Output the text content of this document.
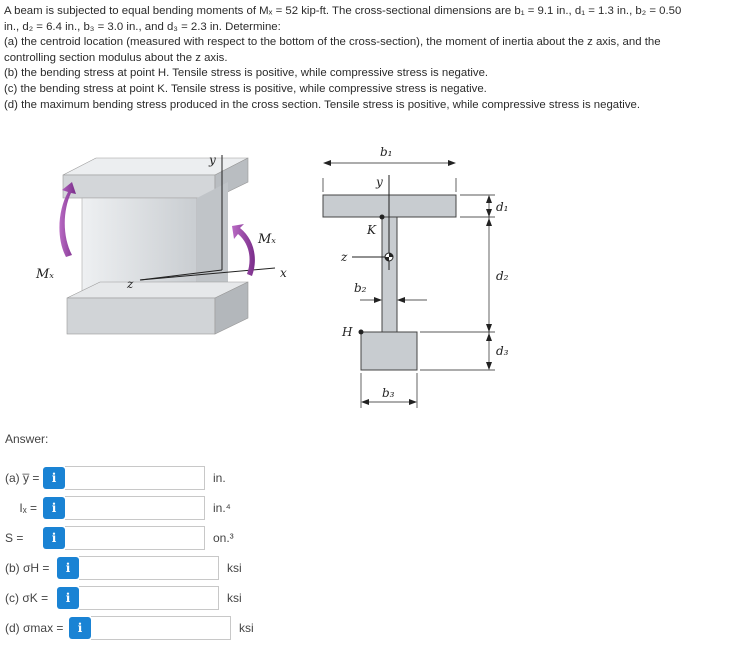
A beam is subjected to equal bending moments of Mₓ = 52 kip-ft. The cross-sectional dimensions are b₁ = 9.1 in., d₁ = 1.3 in., b₂ = 0.50

in., d₂ = 6.4 in., b₃ = 3.0 in., and d₃ = 2.3 in. Determine:

(a) the centroid location (measured with respect to the bottom of the cross-section), the moment of inertia about the z axis, and the

controlling section modulus about the z axis.

(b) the bending stress at point H. Tensile stress is positive, while compressive stress is negative.

(c) the bending stress at point K. Tensile stress is positive, while compressive stress is negative.

(d) the maximum bending stress produced in the cross section. Tensile stress is positive, while compressive stress is negative.

Mₓ
Mₓ
y
z
x
b₁
y
K
z
b₂
H
b₃
d₁
d₂
d₃
Answer:
(a) y̅ =	i	in.
Iₓ =	i	in.⁴
S =	i	on.³
(b) σH =	i	ksi
(c) σK =	i	ksi
(d) σmax =	i	ksi
